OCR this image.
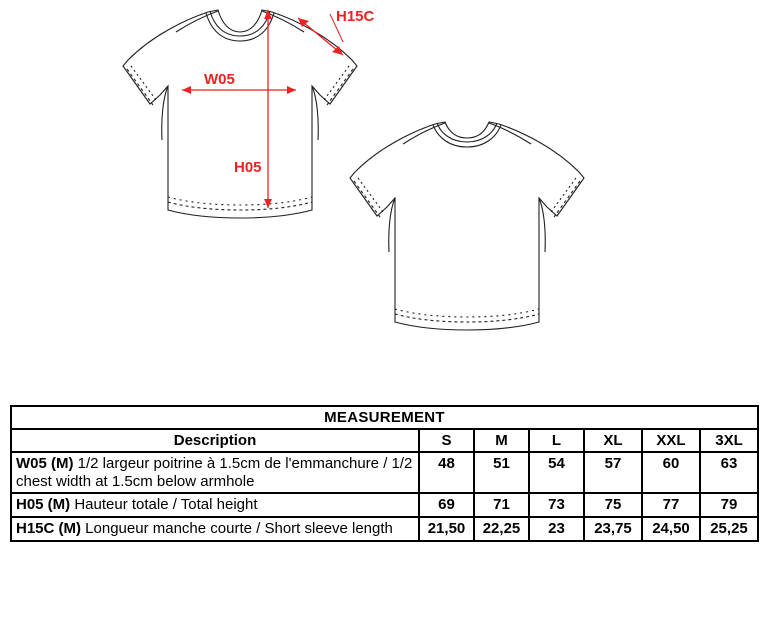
W05
H05
H15C
MEASUREMENT						
Description	S	M	L	XL	XXL	3XL
W05 (M) 1/2 largeur poitrine à 1.5cm de l'emmanchure / 1/2 chest width at 1.5cm below armhole	48	51	54	57	60	63
H05 (M) Hauteur totale / Total height	69	71	73	75	77	79
H15C (M) Longueur manche courte / Short sleeve length	21,50	22,25	23	23,75	24,50	25,25
